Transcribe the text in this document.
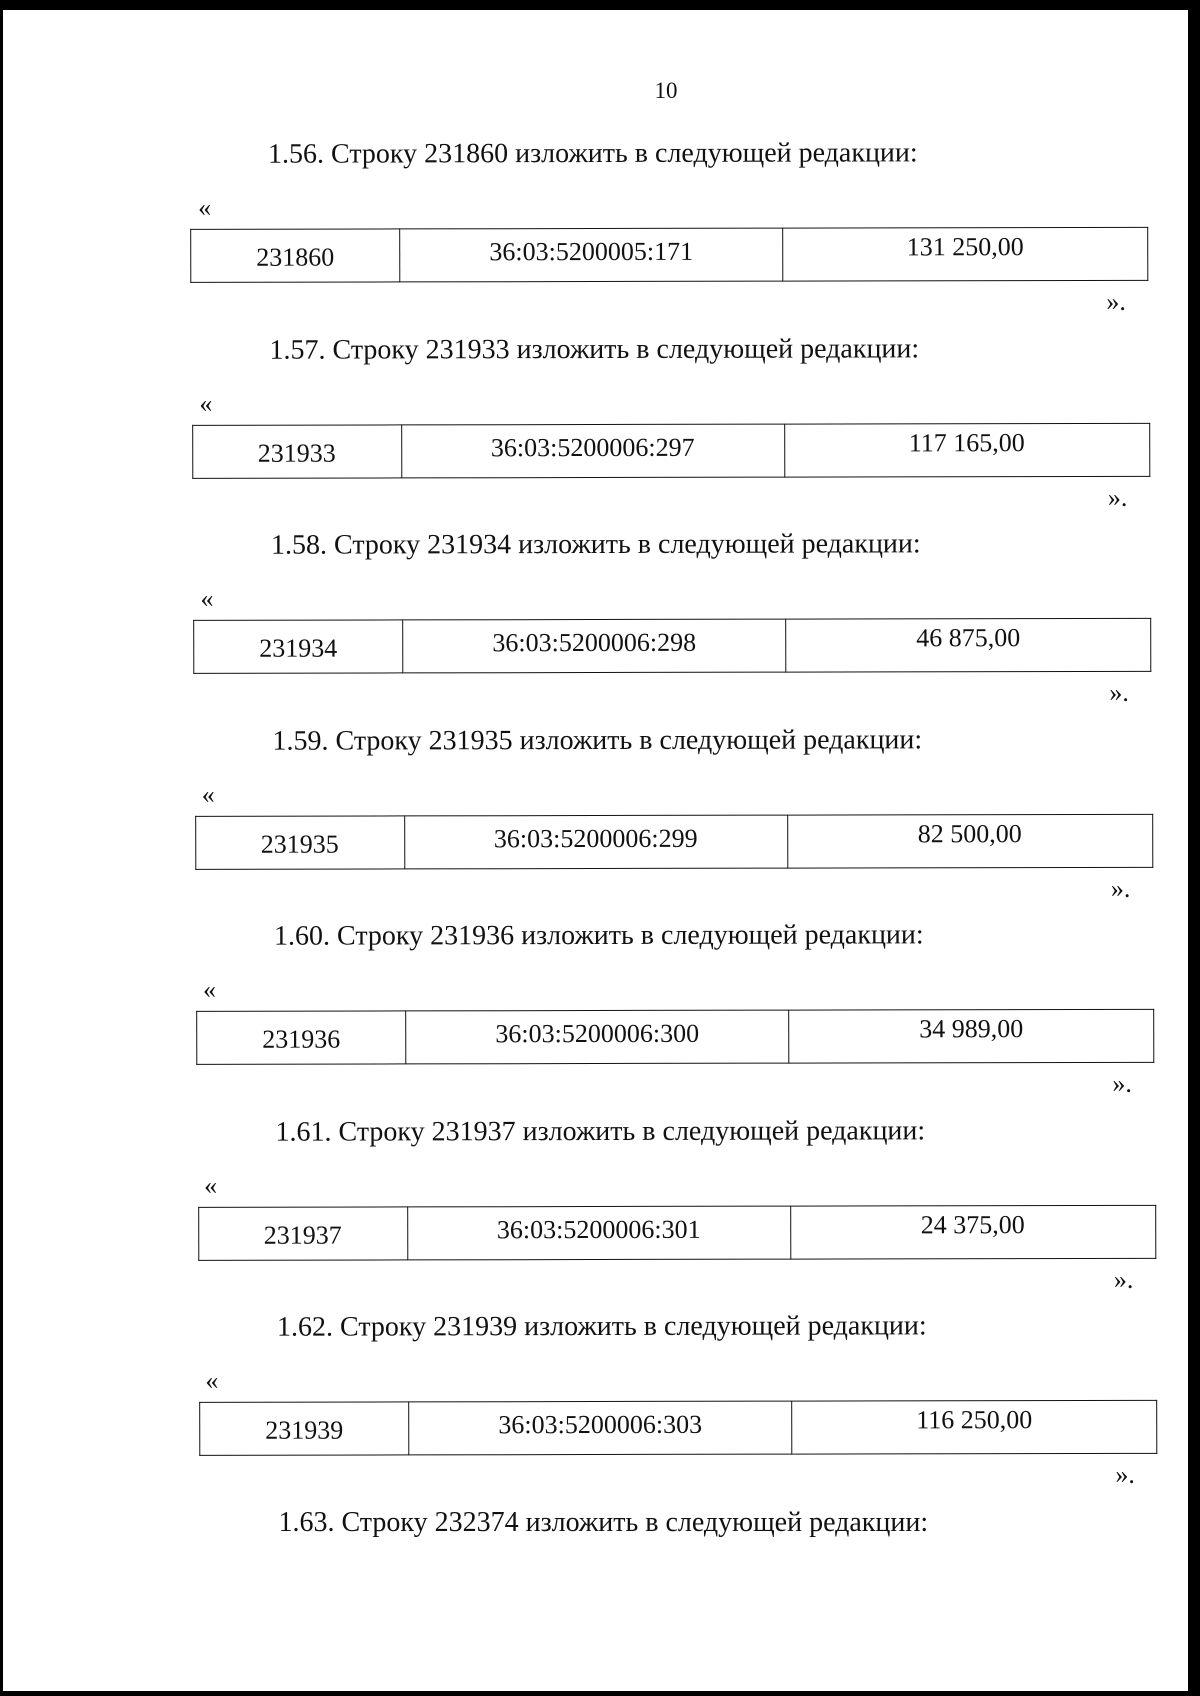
10
1.56. Строку 231860 изложить в следующей редакции:
«
231860	36:03:5200005:171	131 250,00
».
1.57. Строку 231933 изложить в следующей редакции:
«
231933	36:03:5200006:297	117 165,00
».
1.58. Строку 231934 изложить в следующей редакции:
«
231934	36:03:5200006:298	46 875,00
».
1.59. Строку 231935 изложить в следующей редакции:
«
231935	36:03:5200006:299	82 500,00
».
1.60. Строку 231936 изложить в следующей редакции:
«
231936	36:03:5200006:300	34 989,00
».
1.61. Строку 231937 изложить в следующей редакции:
«
231937	36:03:5200006:301	24 375,00
».
1.62. Строку 231939 изложить в следующей редакции:
«
231939	36:03:5200006:303	116 250,00
».
1.63. Строку 232374 изложить в следующей редакции:
